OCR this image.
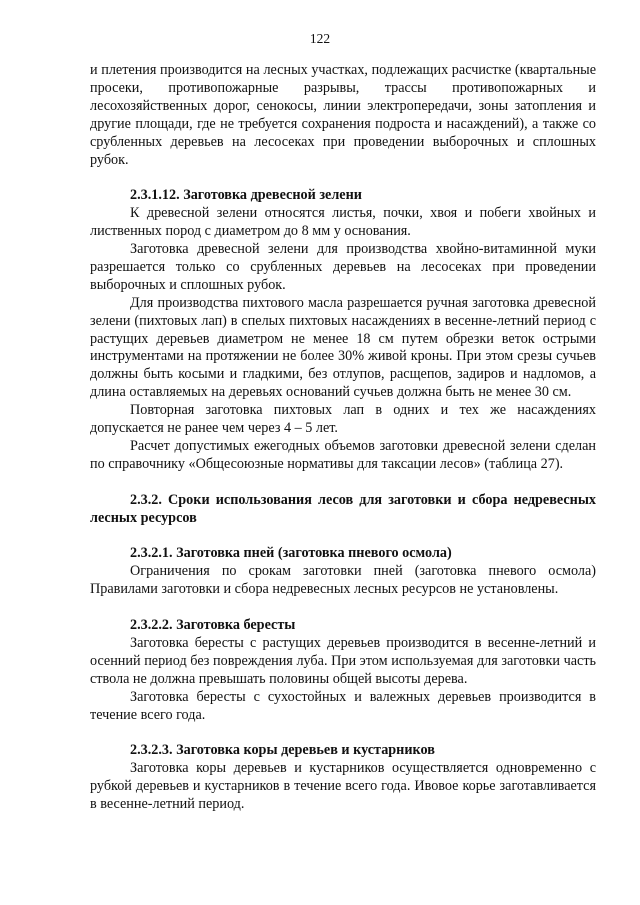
122

и плетения производится на лесных участках, подлежащих расчистке (квартальные просеки, противопожарные разрывы, трассы противопожарных и лесохозяйственных дорог, сенокосы, линии электропередачи, зоны затопления и другие площади, где не требуется сохранения подроста и насаждений), а также со срубленных деревьев на лесосеках при проведении выборочных и сплошных рубок.

2.3.1.12. Заготовка древесной зелени

К древесной зелени относятся листья, почки, хвоя и побеги хвойных и лиственных пород с диаметром до 8 мм у основания.

Заготовка древесной зелени для производства хвойно-витаминной муки разрешается только со срубленных деревьев на лесосеках при проведении выборочных и сплошных рубок.

Для производства пихтового масла разрешается ручная заготовка древесной зелени (пихтовых лап) в спелых пихтовых насаждениях в весенне-летний период с растущих деревьев диаметром не менее 18 см путем обрезки веток острыми инструментами на протяжении не более 30% живой кроны. При этом срезы сучьев должны быть косыми и гладкими, без отлупов, расщепов, задиров и надломов, а длина оставляемых на деревьях оснований сучьев должна быть не менее 30 см.

Повторная заготовка пихтовых лап в одних и тех же насаждениях допускается не ранее чем через 4 – 5 лет.

Расчет допустимых ежегодных объемов заготовки древесной зелени сделан по справочнику «Общесоюзные нормативы для таксации лесов» (таблица 27).

2.3.2. Сроки использования лесов для заготовки и сбора недревесных лесных ресурсов
2.3.2.1. Заготовка пней (заготовка пневого осмола)

Ограничения по срокам заготовки пней (заготовка пневого осмола) Правилами заготовки и сбора недревесных лесных ресурсов не установлены.

2.3.2.2. Заготовка бересты

Заготовка бересты с растущих деревьев производится в весенне-летний и осенний период без повреждения луба. При этом используемая для заготовки часть ствола не должна превышать половины общей высоты дерева.

Заготовка бересты с сухостойных и валежных деревьев производится в течение всего года.

2.3.2.3. Заготовка коры деревьев и кустарников

Заготовка коры деревьев и кустарников осуществляется одновременно с рубкой деревьев и кустарников в течение всего года. Ивовое корье заготавливается в весенне-летний период.
